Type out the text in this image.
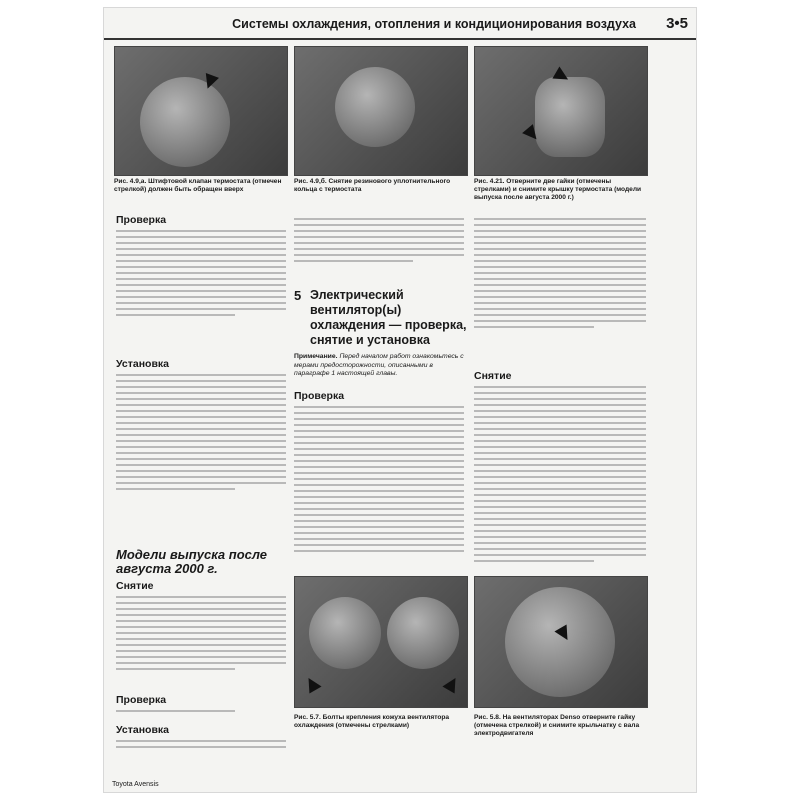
Системы охлаждения, отопления и кондиционирования воздуха 3•5
Рис. 4.9,а. Штифтовой клапан термостата (отмечен стрелкой) должен быть обращен вверх
Рис. 4.9,б. Снятие резинового уплотнительного кольца с термостата
Рис. 4.21. Отверните две гайки (отмечены стрелками) и снимите крышку термостата (модели выпуска после августа 2000 г.)
Проверка
Установка
Модели выпуска после августа 2000 г.
Снятие
Проверка
Установка
5 Электрический вентилятор(ы) охлаждения — проверка, снятие и установка
Примечание. Перед началом работ ознакомьтесь с мерами предосторожности, описанными в параграфе 1 настоящей главы.
Проверка
Рис. 5.7. Болты крепления кожуха вентилятора охлаждения (отмечены стрелками)
Снятие
Рис. 5.8. На вентиляторах Denso отверните гайку (отмечена стрелкой) и снимите крыльчатку с вала электродвигателя
Toyota Avensis
